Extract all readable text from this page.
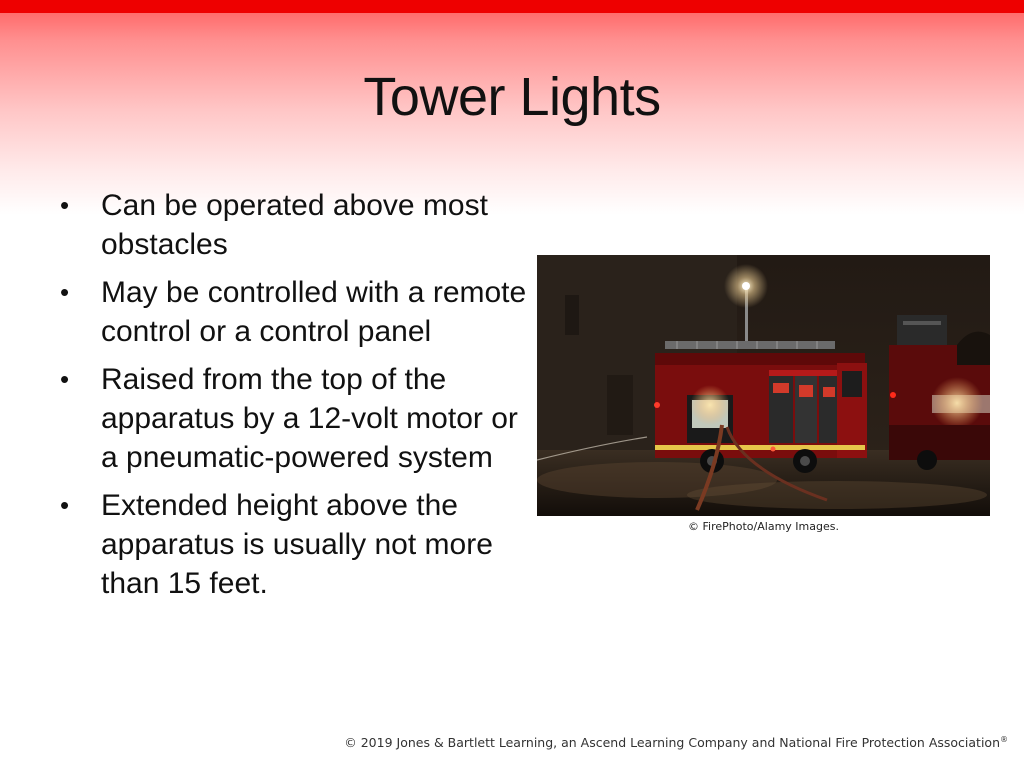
Tower Lights
• Can be operated above most obstacles
• May be controlled with a remote control or a control panel
• Raised from the top of the apparatus by a 12-volt motor or a pneumatic-powered system
• Extended height above the apparatus is usually not more than 15 feet.
© FirePhoto/Alamy Images.
© 2019 Jones & Bartlett Learning, an Ascend Learning Company and National Fire Protection Association®
